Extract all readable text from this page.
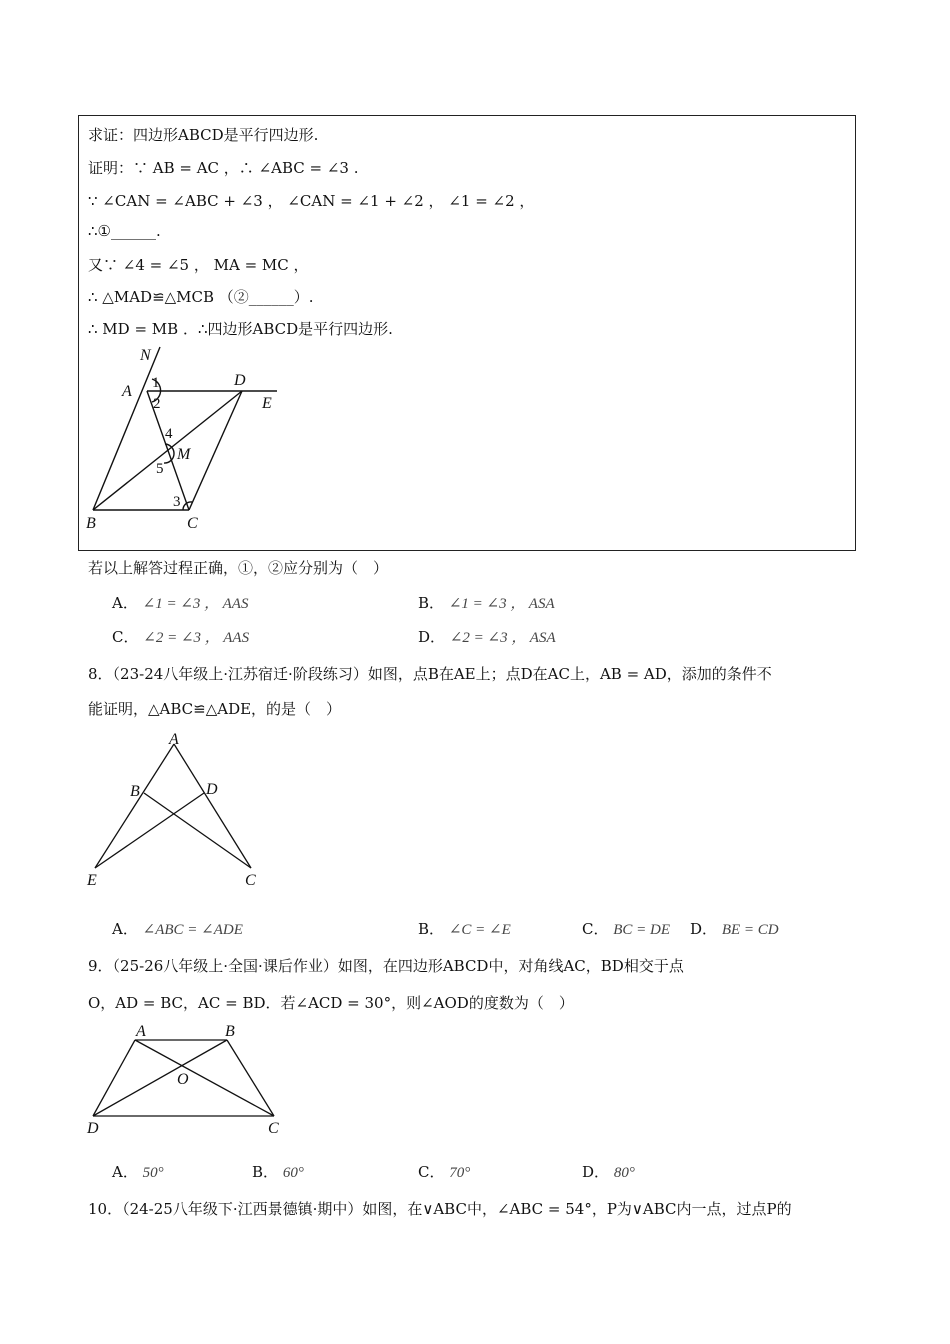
求证：四边形ABCD是平行四边形.
证明：∵ AB = AC ，∴ ∠ABC = ∠3 .
∵ ∠CAN = ∠ABC + ∠3 ， ∠CAN = ∠1 + ∠2 ， ∠1 = ∠2 ，
∴①______.
又∵ ∠4 = ∠5 ， MA = MC ，
∴ △MAD≌△MCB （②______）.
∴ MD = MB ．∴四边形ABCD是平行四边形.
N
A
D
E
M
B	C
1
2
3
4
5
若以上解答过程正确，①，②应分别为（　）
A． ∠1 = ∠3 ， AAS	B． ∠1 = ∠3 ， ASA
C． ∠2 = ∠3 ， AAS	D． ∠2 = ∠3 ， ASA
8．（23-24八年级上·江苏宿迁·阶段练习）如图，点B在AE上；点D在AC上，AB = AD，添加的条件不
能证明，△ABC≌△ADE，的是（　）
A
B	D
E	C
A． ∠ABC = ∠ADE	B． ∠C = ∠E	C． BC = DE D． BE = CD
9．（25-26八年级上·全国·课后作业）如图，在四边形ABCD中，对角线AC，BD相交于点
O，AD = BC，AC = BD．若∠ACD = 30°，则∠AOD的度数为（　）
A	B
O
D	C
A． 50°	B． 60°	C． 70°	D． 80°
10．（24-25八年级下·江西景德镇·期中）如图，在∨ABC中，∠ABC = 54°，P为∨ABC内一点，过点P的
